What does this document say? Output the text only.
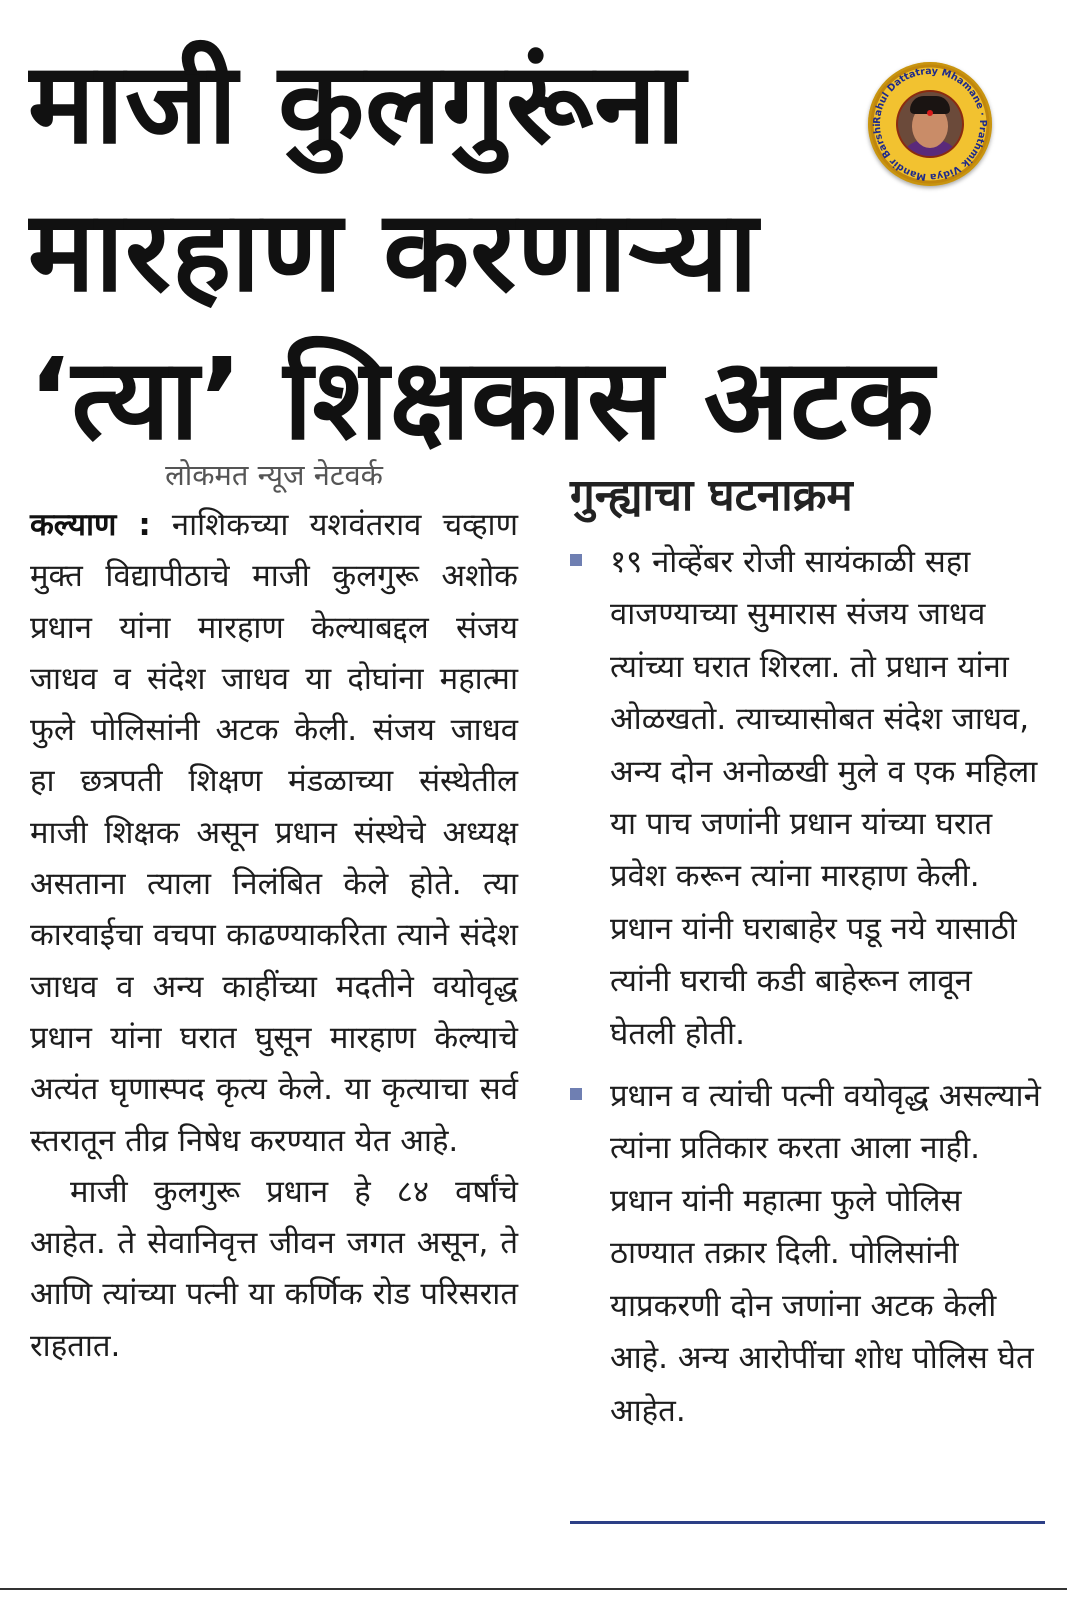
माजी कुलगुरूंना
मारहाण करणाऱ्या
‘त्या’ शिक्षकास अटक
Rahul Dattatray Mhamane · Prathmik Vidya Mandir Barshi
लोकमत न्यूज नेटवर्क

कल्याण : नाशिकच्या यशवंतराव चव्हाण मुक्त विद्यापीठाचे माजी कुलगुरू अशोक प्रधान यांना मारहाण केल्याबद्दल संजय जाधव व संदेश जाधव या दोघांना महात्मा फुले पोलिसांनी अटक केली. संजय जाधव हा छत्रपती शिक्षण मंडळाच्या संस्थेतील माजी शिक्षक असून प्रधान संस्थेचे अध्यक्ष असताना त्याला निलंबित केले होते. त्या कारवाईचा वचपा काढण्याकरिता त्याने संदेश जाधव व अन्य काहींच्या मदतीने वयोवृद्ध प्रधान यांना घरात घुसून मारहाण केल्याचे अत्यंत घृणास्पद कृत्य केले. या कृत्याचा सर्व स्तरातून तीव्र निषेध करण्यात येत आहे.

माजी कुलगुरू प्रधान हे ८४ वर्षांचे आहेत. ते सेवानिवृत्त जीवन जगत असून, ते आणि त्यांच्या पत्नी या कर्णिक रोड परिसरात राहतात.

गुन्ह्याचा घटनाक्रम
१९ नोव्हेंबर रोजी सायंकाळी सहा वाजण्याच्या सुमारास संजय जाधव त्यांच्या घरात शिरला. तो प्रधान यांना ओळखतो. त्याच्यासोबत संदेश जाधव, अन्य दोन अनोळखी मुले व एक महिला या पाच जणांनी प्रधान यांच्या घरात प्रवेश करून त्यांना मारहाण केली. प्रधान यांनी घराबाहेर पडू नये यासाठी त्यांनी घराची कडी बाहेरून लावून घेतली होती.
प्रधान व त्यांची पत्नी वयोवृद्ध असल्याने त्यांना प्रतिकार करता आला नाही. प्रधान यांनी महात्मा फुले पोलिस ठाण्यात तक्रार दिली. पोलिसांनी याप्रकरणी दोन जणांना अटक केली आहे. अन्य आरोपींचा शोध पोलिस घेत आहेत.
